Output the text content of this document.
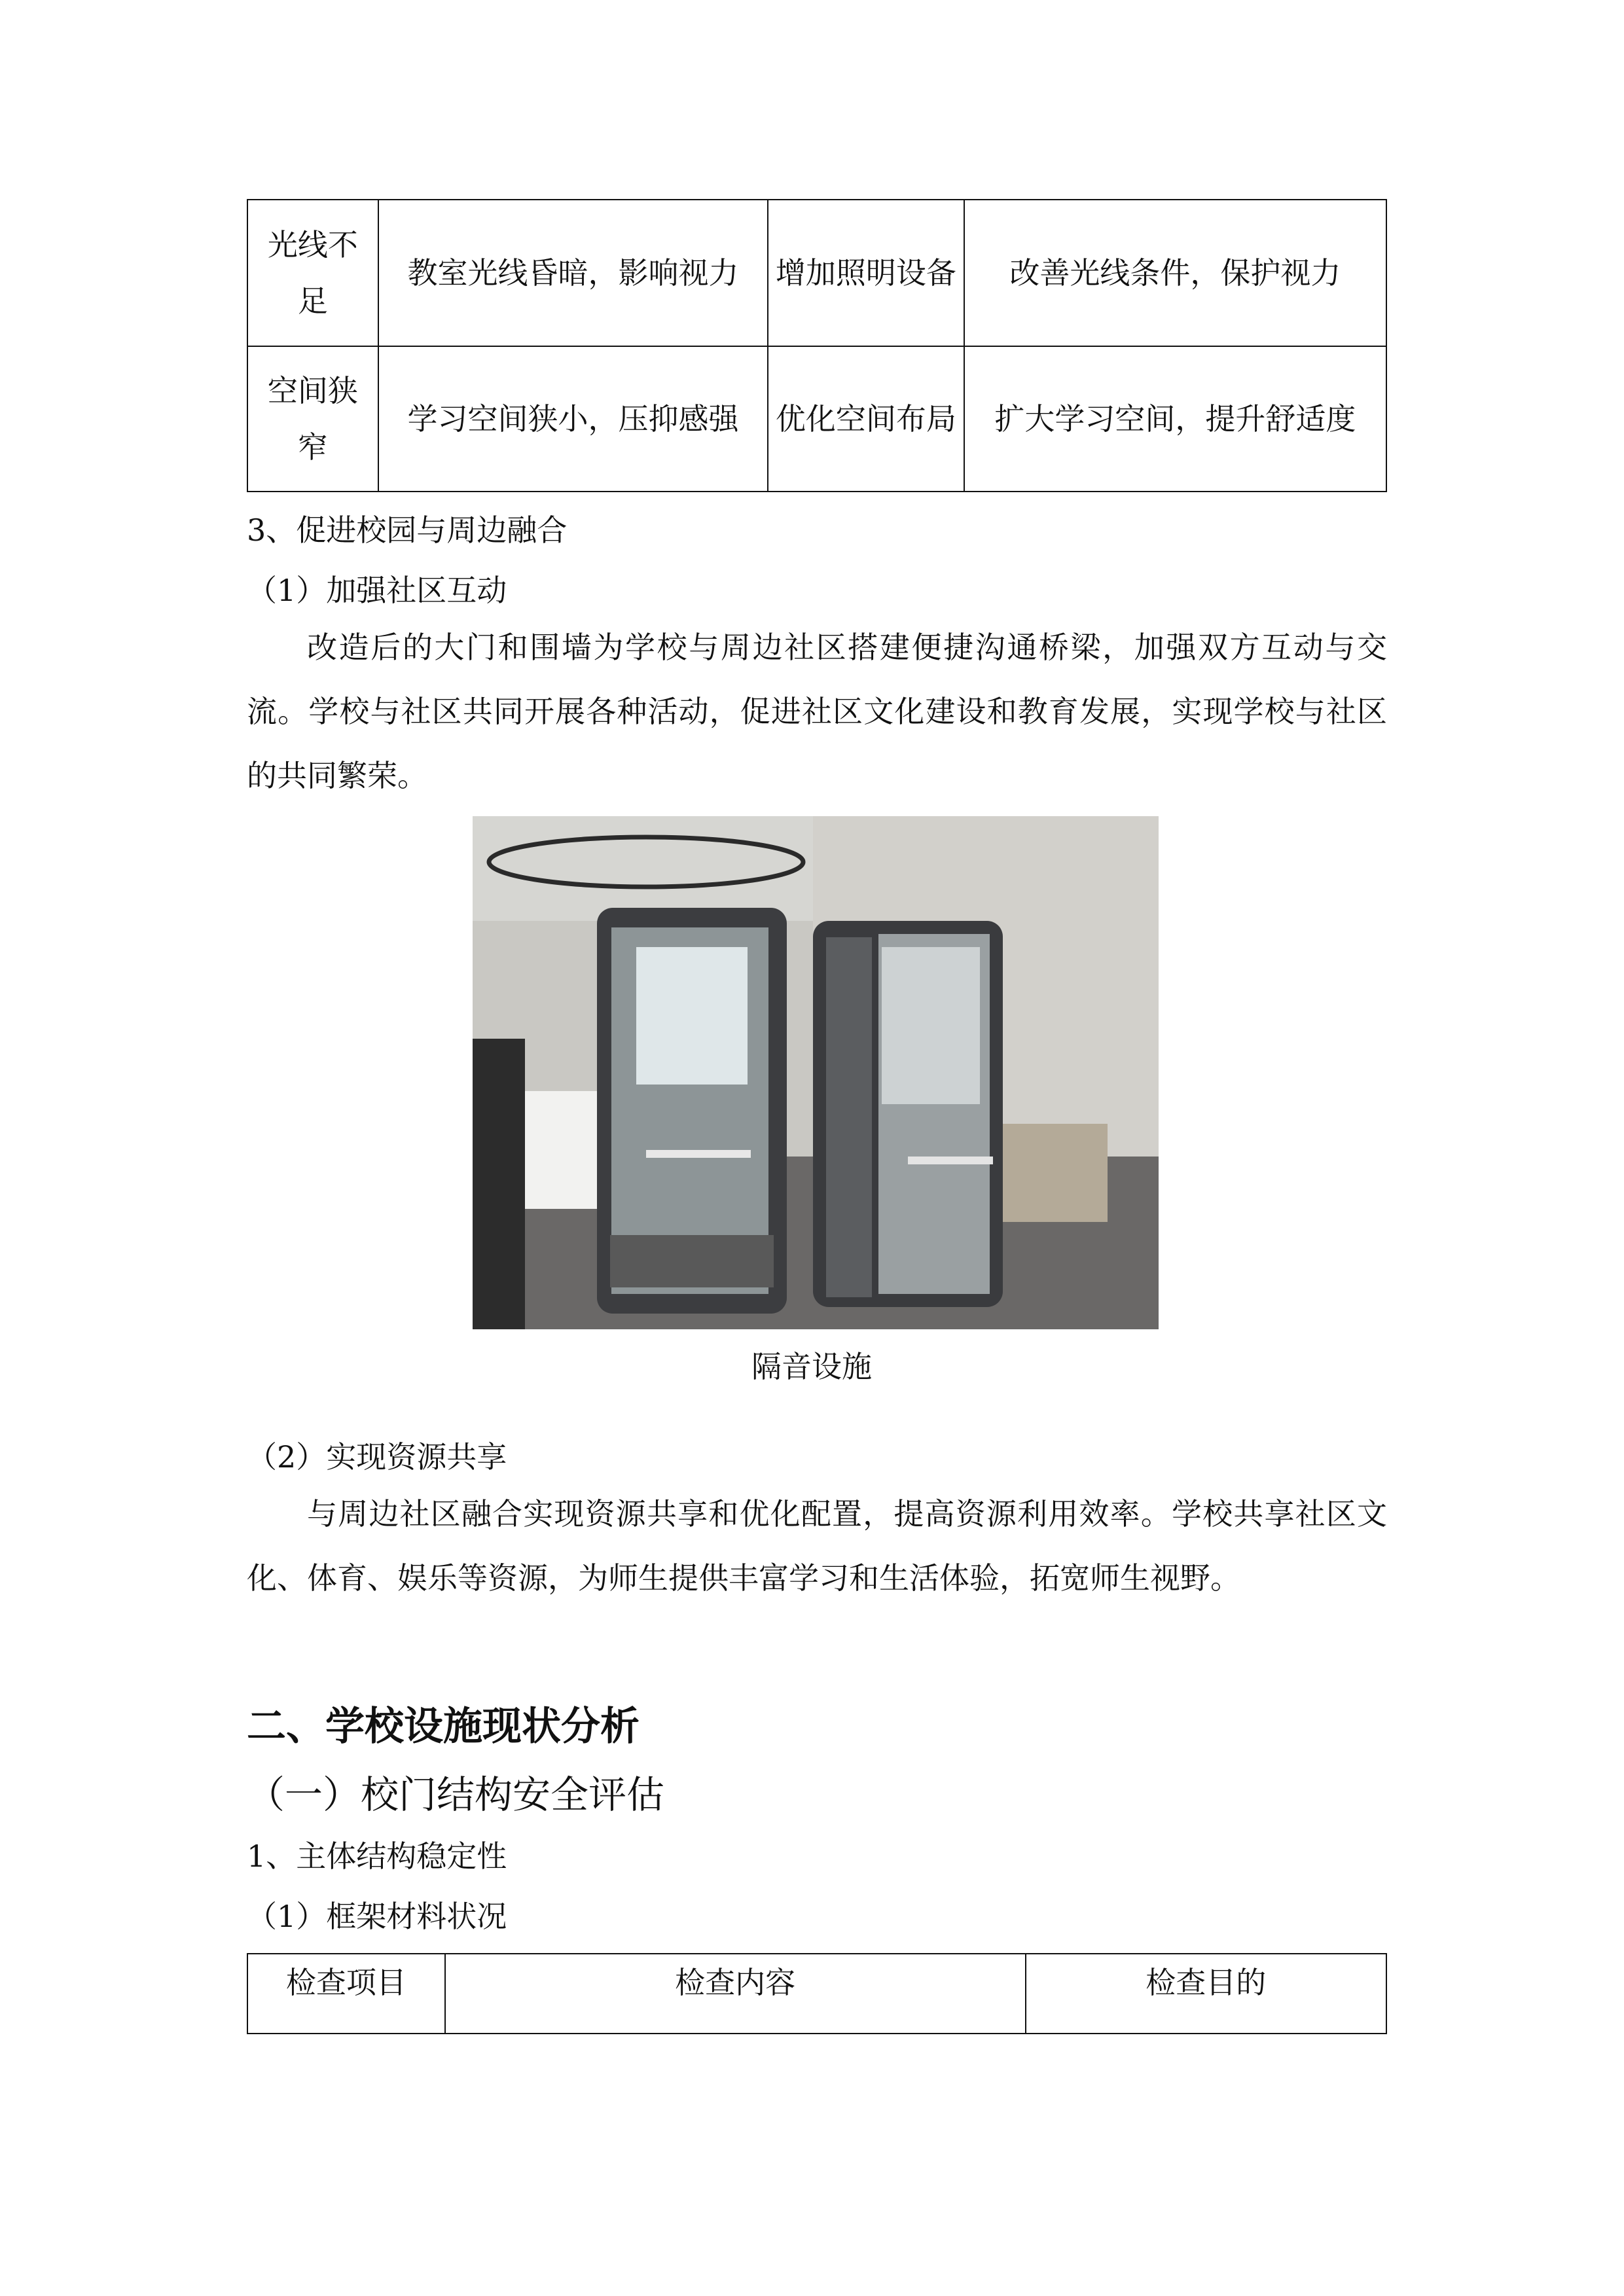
光线不足	教室光线昏暗，影响视力	增加照明设备	改善光线条件，保护视力
空间狭窄	学习空间狭小，压抑感强	优化空间布局	扩大学习空间，提升舒适度
3、促进校园与周边融合
（1）加强社区互动
改造后的大门和围墙为学校与周边社区搭建便捷沟通桥梁，加强双方互动与交流。学校与社区共同开展各种活动，促进社区文化建设和教育发展，实现学校与社区的共同繁荣。
隔音设施
（2）实现资源共享
与周边社区融合实现资源共享和优化配置，提高资源利用效率。学校共享社区文化、体育、娱乐等资源，为师生提供丰富学习和生活体验，拓宽师生视野。
二、学校设施现状分析
（一）校门结构安全评估
1、主体结构稳定性
（1）框架材料状况
检查项目	检查内容	检查目的
